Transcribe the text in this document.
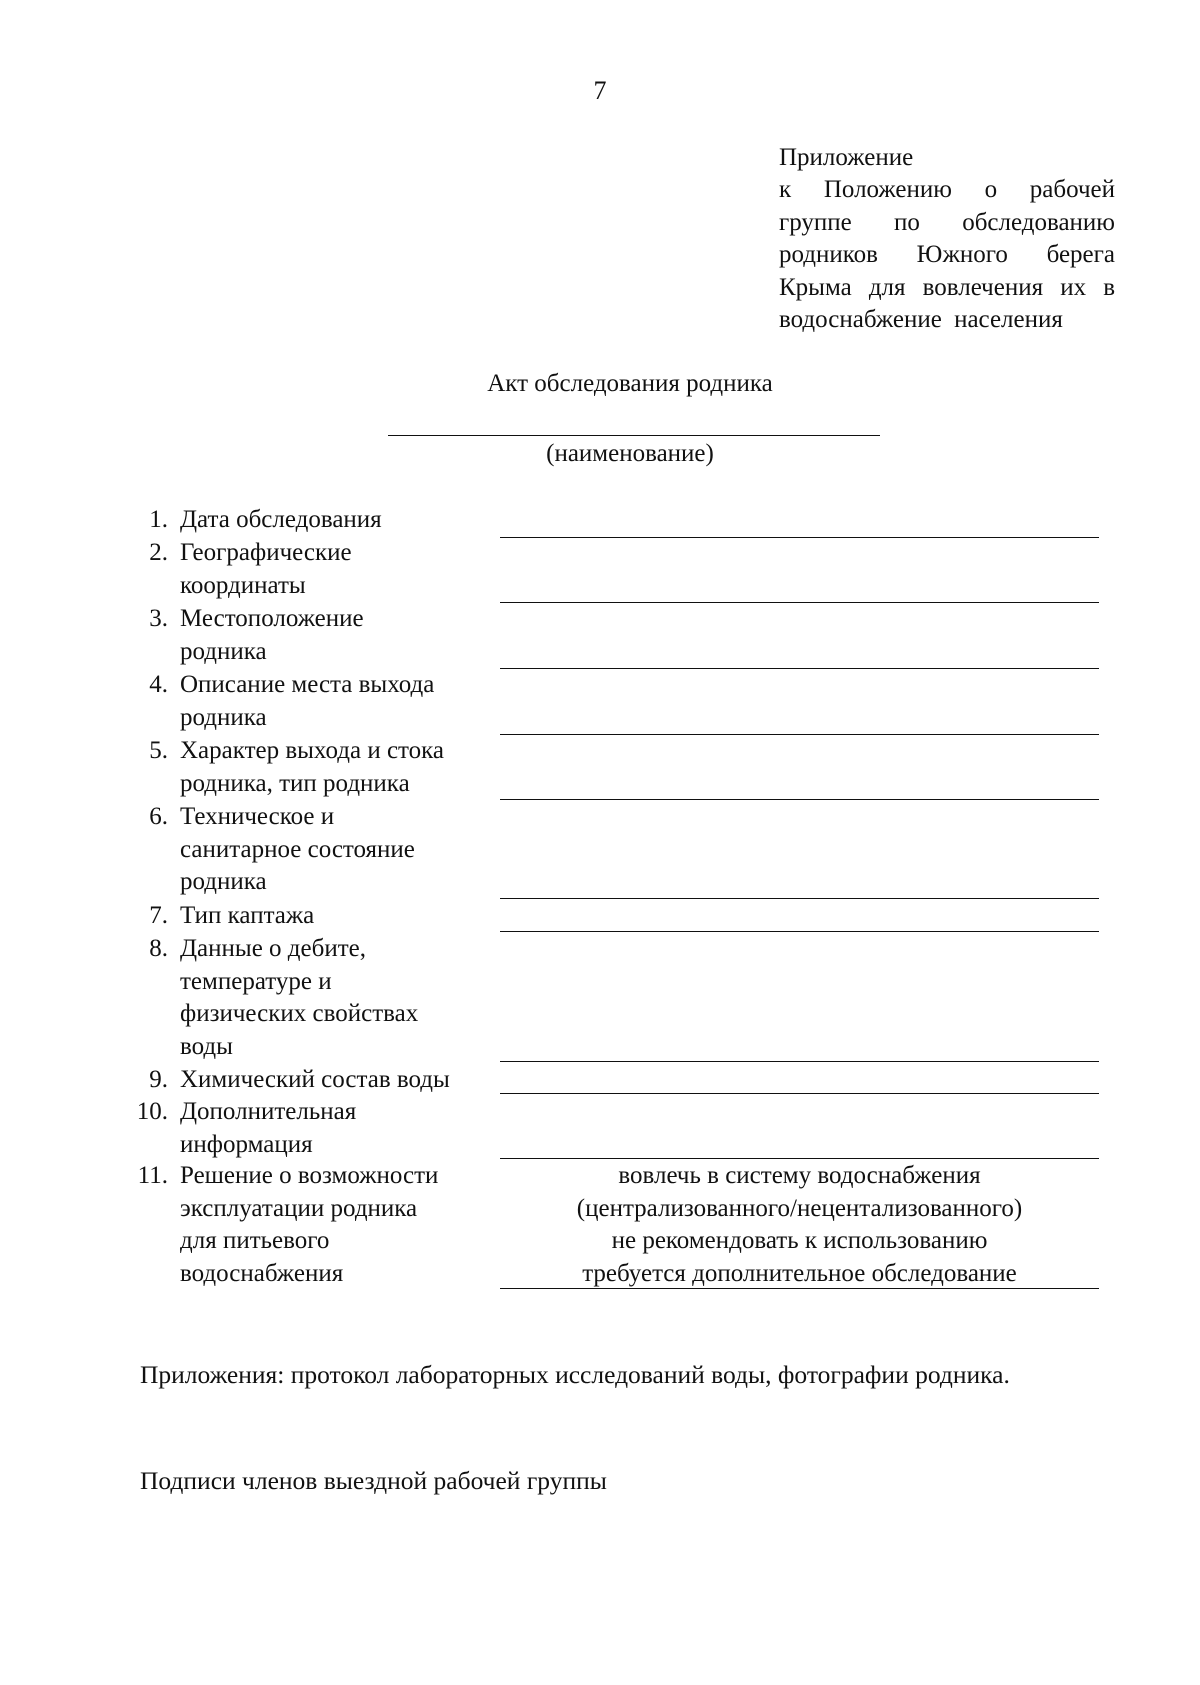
7
Приложение
к Положению о рабочей
группе по обследованию
родников Южного берега
Крыма для вовлечения их в
водоснабжение населения
Акт обследования родника
(наименование)
1. Дата обследования
2. Географические
координаты
3. Местоположение
родника
4. Описание места выхода
родника
5. Характер выхода и стока
родника, тип родника
6. Техническое и
санитарное состояние
родника
7. Тип каптажа
8. Данные о дебите,
температуре и
физических свойствах
воды
9. Химический состав воды
10. Дополнительная
информация
11. Решение о возможности
эксплуатации родника
для питьевого
водоснабжения
вовлечь в систему водоснабжения
(централизованного/нецентализованного)
не рекомендовать к использованию
требуется дополнительное обследование
Приложения: протокол лабораторных исследований воды, фотографии родника.
Подписи членов выездной рабочей группы
